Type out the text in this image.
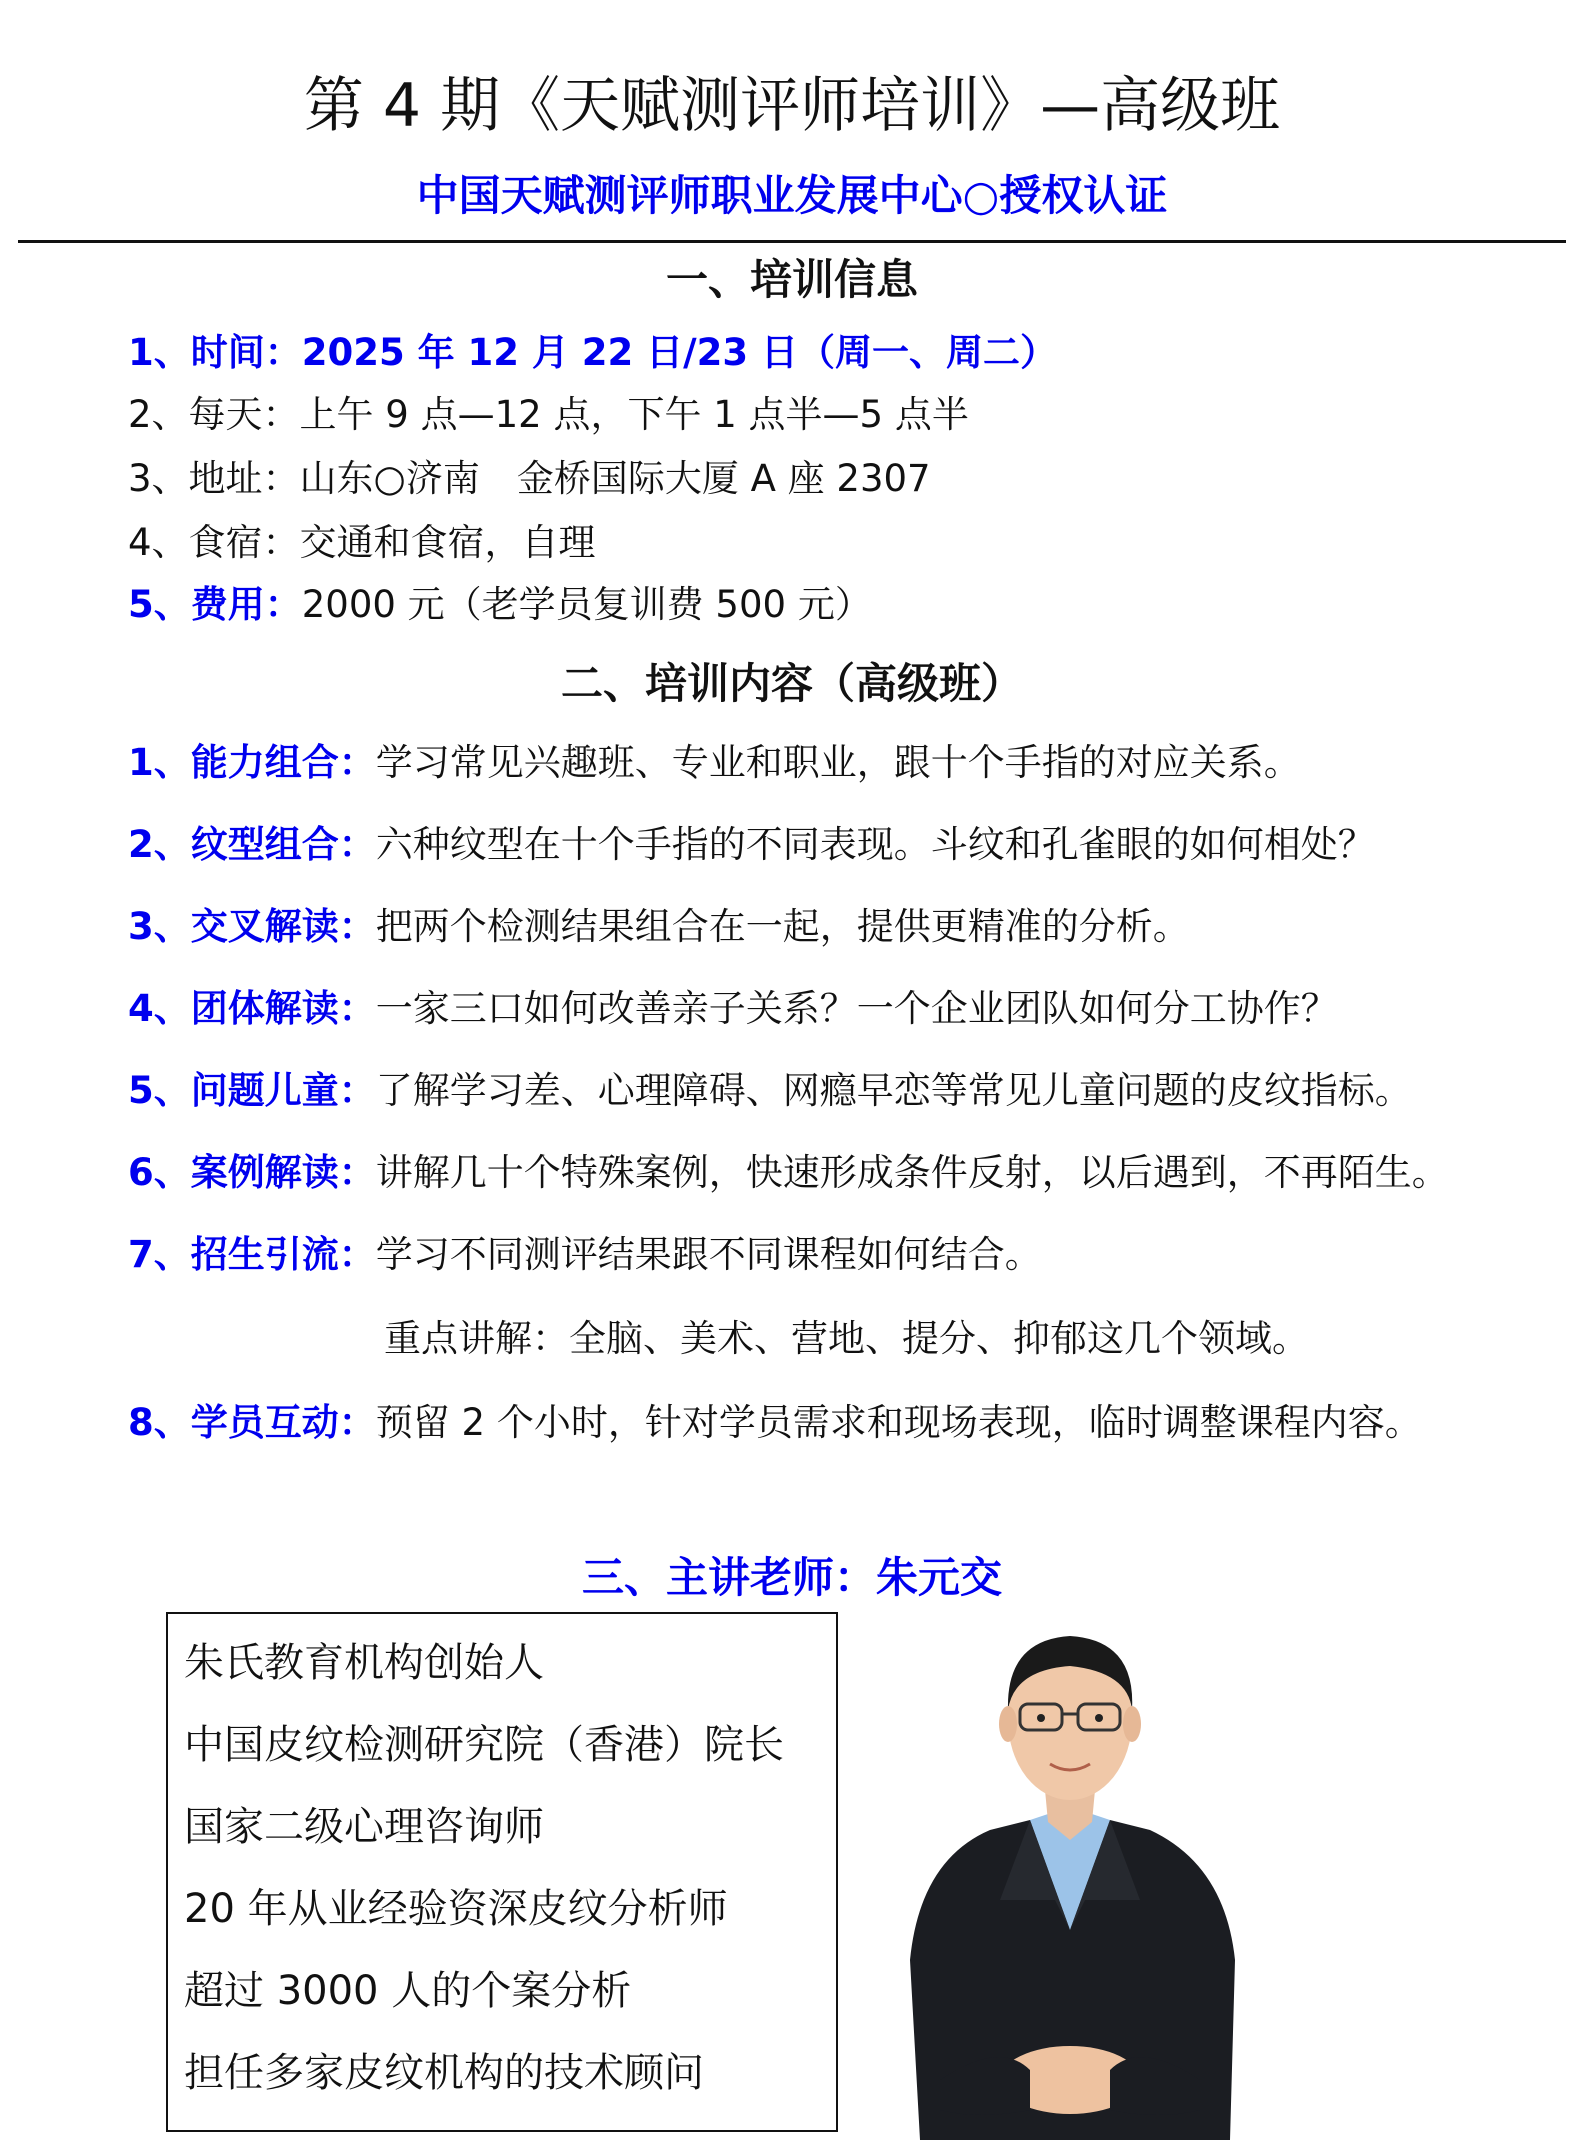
第 4 期《天赋测评师培训》—高级班
中国天赋测评师职业发展中心○授权认证
一、培训信息
1、时间：2025 年 12 月 22 日/23 日（周一、周二）
2、每天：上午 9 点—12 点，下午 1 点半—5 点半
3、地址：山东○济南　金桥国际大厦 A 座 2307
4、食宿：交通和食宿，自理
5、费用：2000 元（老学员复训费 500 元）
二、培训内容（高级班）
1、能力组合：学习常见兴趣班、专业和职业，跟十个手指的对应关系。
2、纹型组合：六种纹型在十个手指的不同表现。斗纹和孔雀眼的如何相处？
3、交叉解读：把两个检测结果组合在一起，提供更精准的分析。
4、团体解读：一家三口如何改善亲子关系？一个企业团队如何分工协作？
5、问题儿童：了解学习差、心理障碍、网瘾早恋等常见儿童问题的皮纹指标。
6、案例解读：讲解几十个特殊案例，快速形成条件反射，以后遇到，不再陌生。
7、招生引流：学习不同测评结果跟不同课程如何结合。
重点讲解：全脑、美术、营地、提分、抑郁这几个领域。
8、学员互动：预留 2 个小时，针对学员需求和现场表现，临时调整课程内容。
三、主讲老师：朱元交
朱氏教育机构创始人
中国皮纹检测研究院（香港）院长
国家二级心理咨询师
20 年从业经验资深皮纹分析师
超过 3000 人的个案分析
担任多家皮纹机构的技术顾问
